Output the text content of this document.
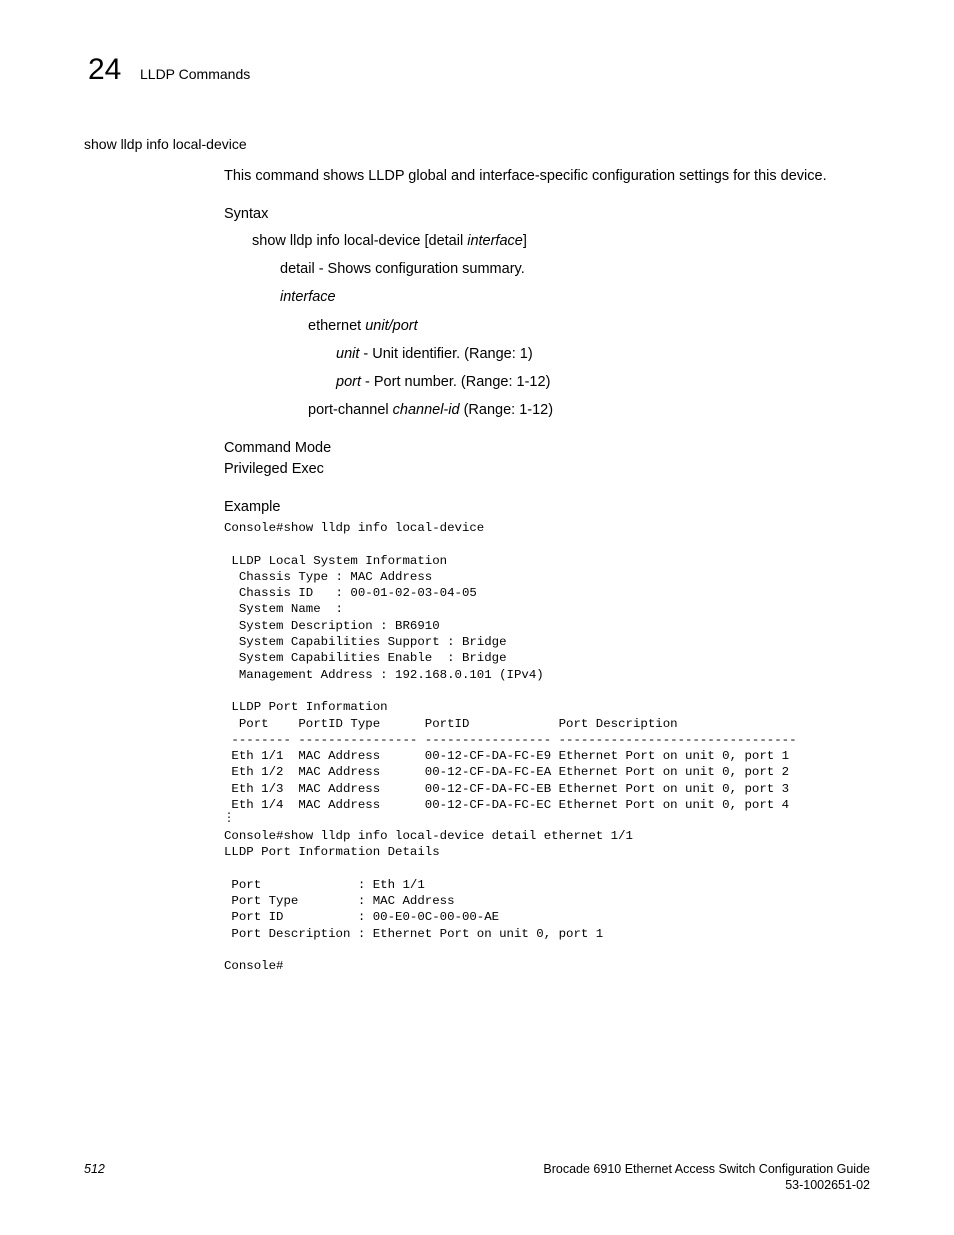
24 LLDP Commands
show lldp info local-device
This command shows LLDP global and interface-specific configuration settings for this device.
Syntax
show lldp info local-device [detail interface]
detail - Shows configuration summary.
interface
ethernet unit/port
unit - Unit identifier. (Range: 1)
port - Port number. (Range: 1-12)
port-channel channel-id (Range: 1-12)
Command Mode
Privileged Exec
Example
Console#show lldp info local-device

LLDP Local System Information
Chassis Type : MAC Address
Chassis ID   : 00-01-02-03-04-05
System Name  :
System Description : BR6910
System Capabilities Support : Bridge
System Capabilities Enable  : Bridge
Management Address : 192.168.0.101 (IPv4)

LLDP Port Information
Port    PortID Type      PortID            Port Description
-------- ---------------- ----------------- --------------------------------
Eth 1/1  MAC Address      00-12-CF-DA-FC-E9 Ethernet Port on unit 0, port 1
Eth 1/2  MAC Address      00-12-CF-DA-FC-EA Ethernet Port on unit 0, port 2
Eth 1/3  MAC Address      00-12-CF-DA-FC-EB Ethernet Port on unit 0, port 3
Eth 1/4  MAC Address      00-12-CF-DA-FC-EC Ethernet Port on unit 0, port 4
⋮
Console#show lldp info local-device detail ethernet 1/1
LLDP Port Information Details

Port             : Eth 1/1
Port Type        : MAC Address
Port ID          : 00-E0-0C-00-00-AE
Port Description : Ethernet Port on unit 0, port 1

Console#
512	Brocade 6910 Ethernet Access Switch Configuration Guide
53-1002651-02
